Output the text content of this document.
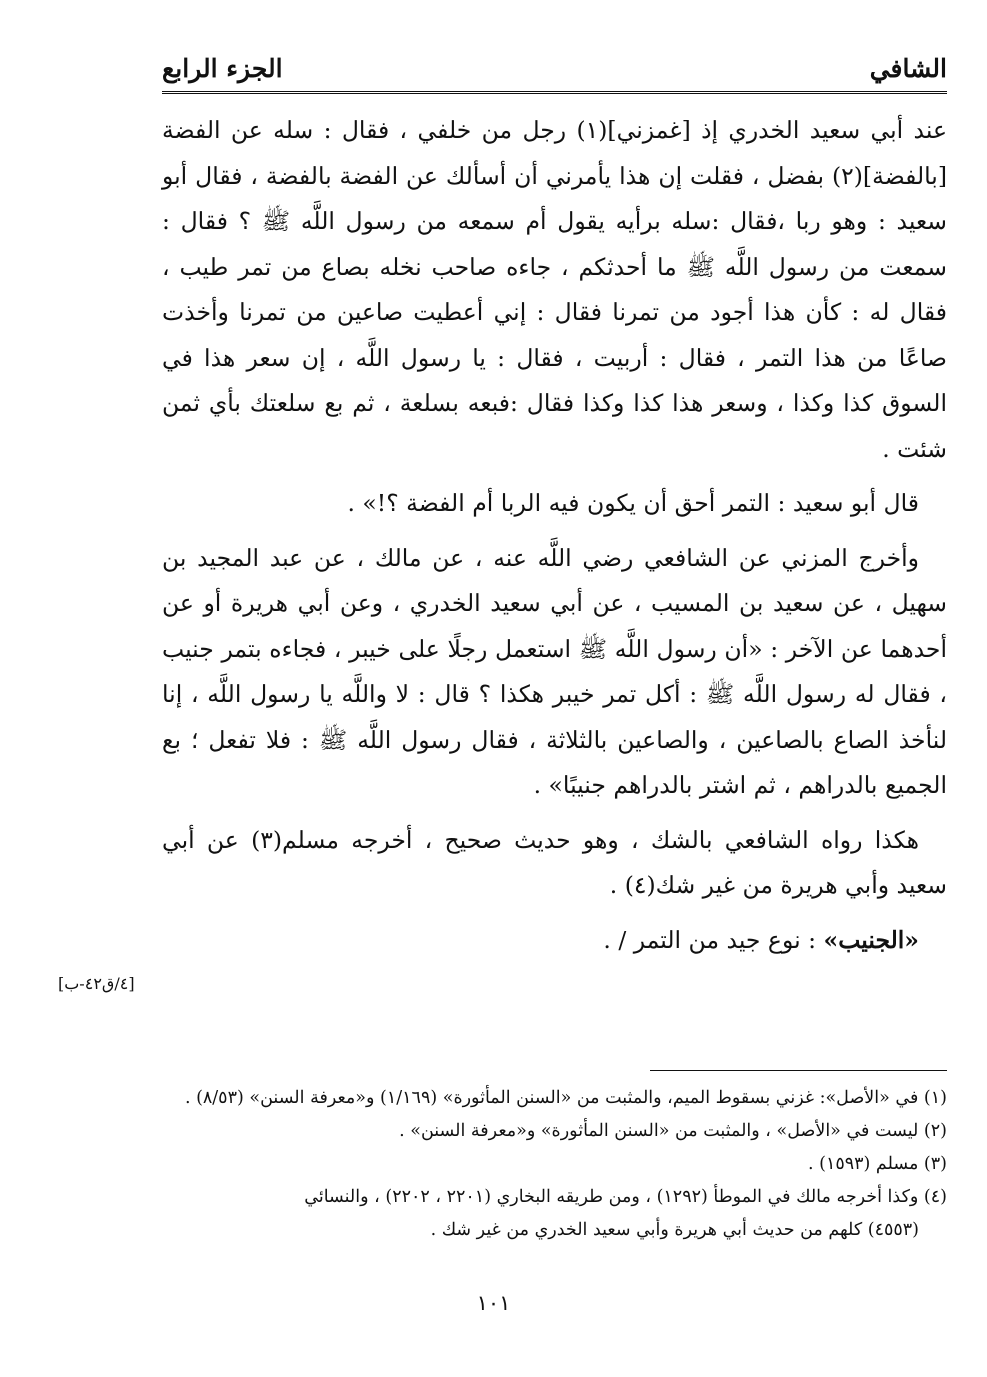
الشافي
الجزء الرابع

عند أبي سعيد الخدري إذ [غمزني](١) رجل من خلفي ، فقال : سله عن الفضة [بالفضة](٢) بفضل ، فقلت إن هذا يأمرني أن أسألك عن الفضة بالفضة ، فقال أبو سعيد : وهو ربا ،فقال :سله برأيه يقول أم سمعه من رسول اللَّه ﷺ ؟ فقال : سمعت من رسول اللَّه ﷺ ما أحدثكم ، جاءه صاحب نخله بصاع من تمر طيب ، فقال له : كأن هذا أجود من تمرنا فقال : إني أعطيت صاعين من تمرنا وأخذت صاعًا من هذا التمر ، فقال : أربيت ، فقال : يا رسول اللَّه ، إن سعر هذا في السوق كذا وكذا ، وسعر هذا كذا وكذا فقال :فبعه بسلعة ، ثم بع سلعتك بأي ثمن شئت .

قال أبو سعيد : التمر أحق أن يكون فيه الربا أم الفضة ؟!» .

وأخرج المزني عن الشافعي رضي اللَّه عنه ، عن مالك ، عن عبد المجيد بن سهيل ، عن سعيد بن المسيب ، عن أبي سعيد الخدري ، وعن أبي هريرة أو عن أحدهما عن الآخر : «أن رسول اللَّه ﷺ استعمل رجلًا على خيبر ، فجاءه بتمر جنيب ، فقال له رسول اللَّه ﷺ : أكل تمر خيبر هكذا ؟ قال : لا واللَّه يا رسول اللَّه ، إنا لنأخذ الصاع بالصاعين ، والصاعين بالثلاثة ، فقال رسول اللَّه ﷺ : فلا تفعل ؛ بع الجميع بالدراهم ، ثم اشتر بالدراهم جنيبًا» .

هكذا رواه الشافعي بالشك ، وهو حديث صحيح ، أخرجه مسلم(٣) عن أبي سعيد وأبي هريرة من غير شك(٤) .

«الجنيب» : نوع جيد من التمر / .

[٤/ق٤٢-ب]
(١) في «الأصل»: غزني بسقوط الميم، والمثبت من «السنن المأثورة» (١/١٦٩) و«معرفة السنن» (٨/٥٣) .
(٢) ليست في «الأصل» ، والمثبت من «السنن المأثورة» و«معرفة السنن» .
(٣) مسلم (١٥٩٣) .
(٤) وكذا أخرجه مالك في الموطأ (١٢٩٢) ، ومن طريقه البخاري (٢٢٠١ ، ٢٢٠٢) ، والنسائي
(٤٥٥٣) كلهم من حديث أبي هريرة وأبي سعيد الخدري من غير شك .
١٠١
